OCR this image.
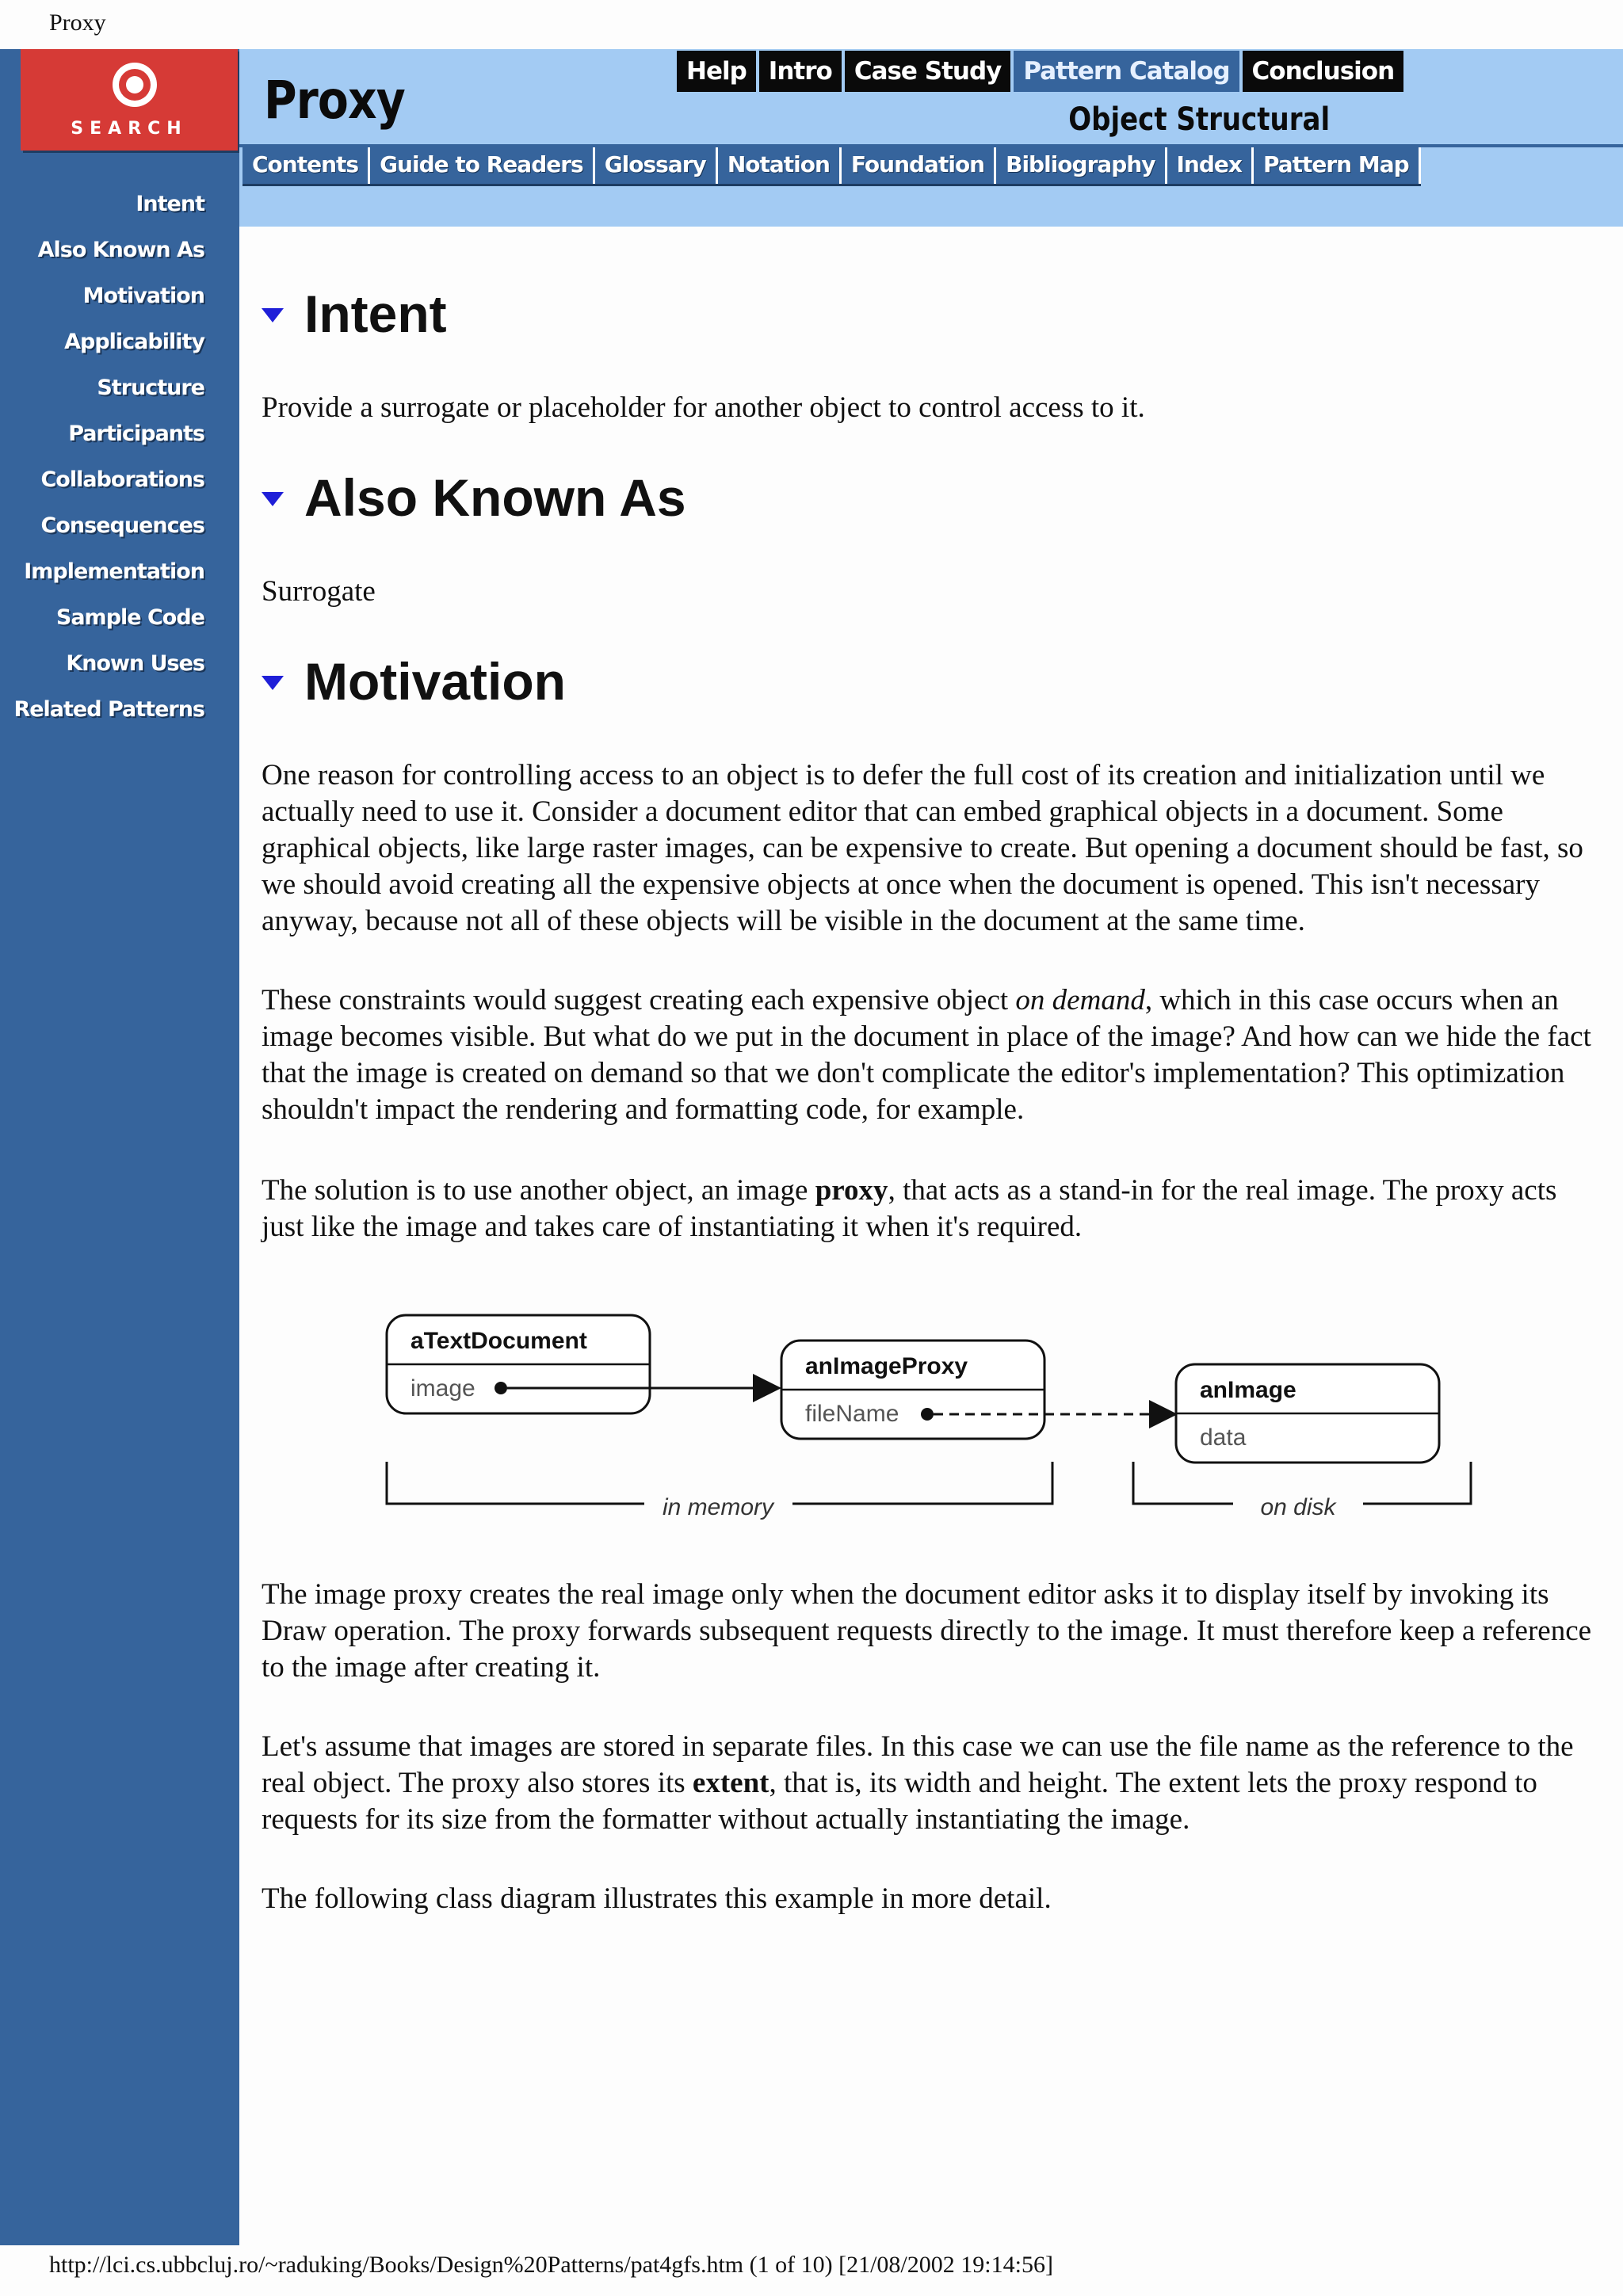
Proxy
SEARCH
Intent
Also Known As
Motivation
Applicability
Structure
Participants
Collaborations
Consequences
Implementation
Sample Code
Known Uses
Related Patterns
Proxy	Object Structural
Help Intro Case Study Pattern Catalog Conclusion
Contents Guide to Readers Glossary Notation Foundation Bibliography Index Pattern Map
Intent

Provide a surrogate or placeholder for another object to control access to it.

Also Known As

Surrogate

Motivation

One reason for controlling access to an object is to defer the full cost of its creation and initialization until we actually need to use it. Consider a document editor that can embed graphical objects in a document. Some graphical objects, like large raster images, can be expensive to create. But opening a document should be fast, so we should avoid creating all the expensive objects at once when the document is opened. This isn't necessary anyway, because not all of these objects will be visible in the document at the same time.

These constraints would suggest creating each expensive object on demand, which in this case occurs when an image becomes visible. But what do we put in the document in place of the image? And how can we hide the fact that the image is created on demand so that we don't complicate the editor's implementation? This optimization shouldn't impact the rendering and formatting code, for example.

The solution is to use another object, an image proxy, that acts as a stand-in for the real image. The proxy acts just like the image and takes care of instantiating it when it's required.

The image proxy creates the real image only when the document editor asks it to display itself by invoking its Draw operation. The proxy forwards subsequent requests directly to the image. It must therefore keep a reference to the image after creating it.

Let's assume that images are stored in separate files. In this case we can use the file name as the reference to the real object. The proxy also stores its extent, that is, its width and height. The extent lets the proxy respond to requests for its size from the formatter without actually instantiating the image.

The following class diagram illustrates this example in more detail.

aTextDocument
image
anImageProxy
fileName
anImage
data
in memory	on disk
http://lci.cs.ubbcluj.ro/~raduking/Books/Design%20Patterns/pat4gfs.htm (1 of 10) [21/08/2002 19:14:56]
